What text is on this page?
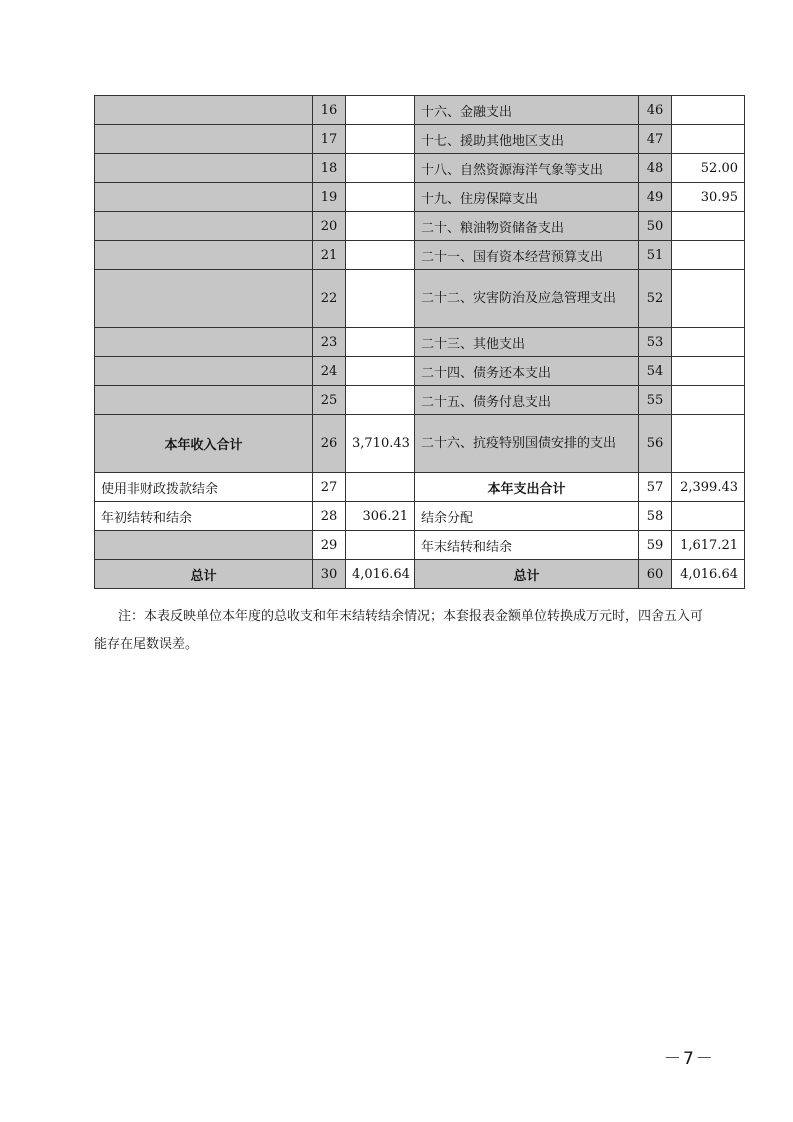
	16		十六、金融支出	46	
	17		十七、援助其他地区支出	47	
	18		十八、自然资源海洋气象等支出	48	52.00
	19		十九、住房保障支出	49	30.95
	20		二十、粮油物资储备支出	50	
	21		二十一、国有资本经营预算支出	51	
	22		二十二、灾害防治及应急管理支出	52	
	23		二十三、其他支出	53	
	24		二十四、债务还本支出	54	
	25		二十五、债务付息支出	55	
本年收入合计	26	3,710.43	二十六、抗疫特别国债安排的支出	56	
使用非财政拨款结余	27		本年支出合计	57	2,399.43
年初结转和结余	28	306.21	结余分配	58	
	29		年末结转和结余	59	1,617.21
总计	30	4,016.64	总计	60	4,016.64

注：本表反映单位本年度的总收支和年末结转结余情况；本套报表金额单位转换成万元时，四舍五入可能存在尾数误差。

－7－
